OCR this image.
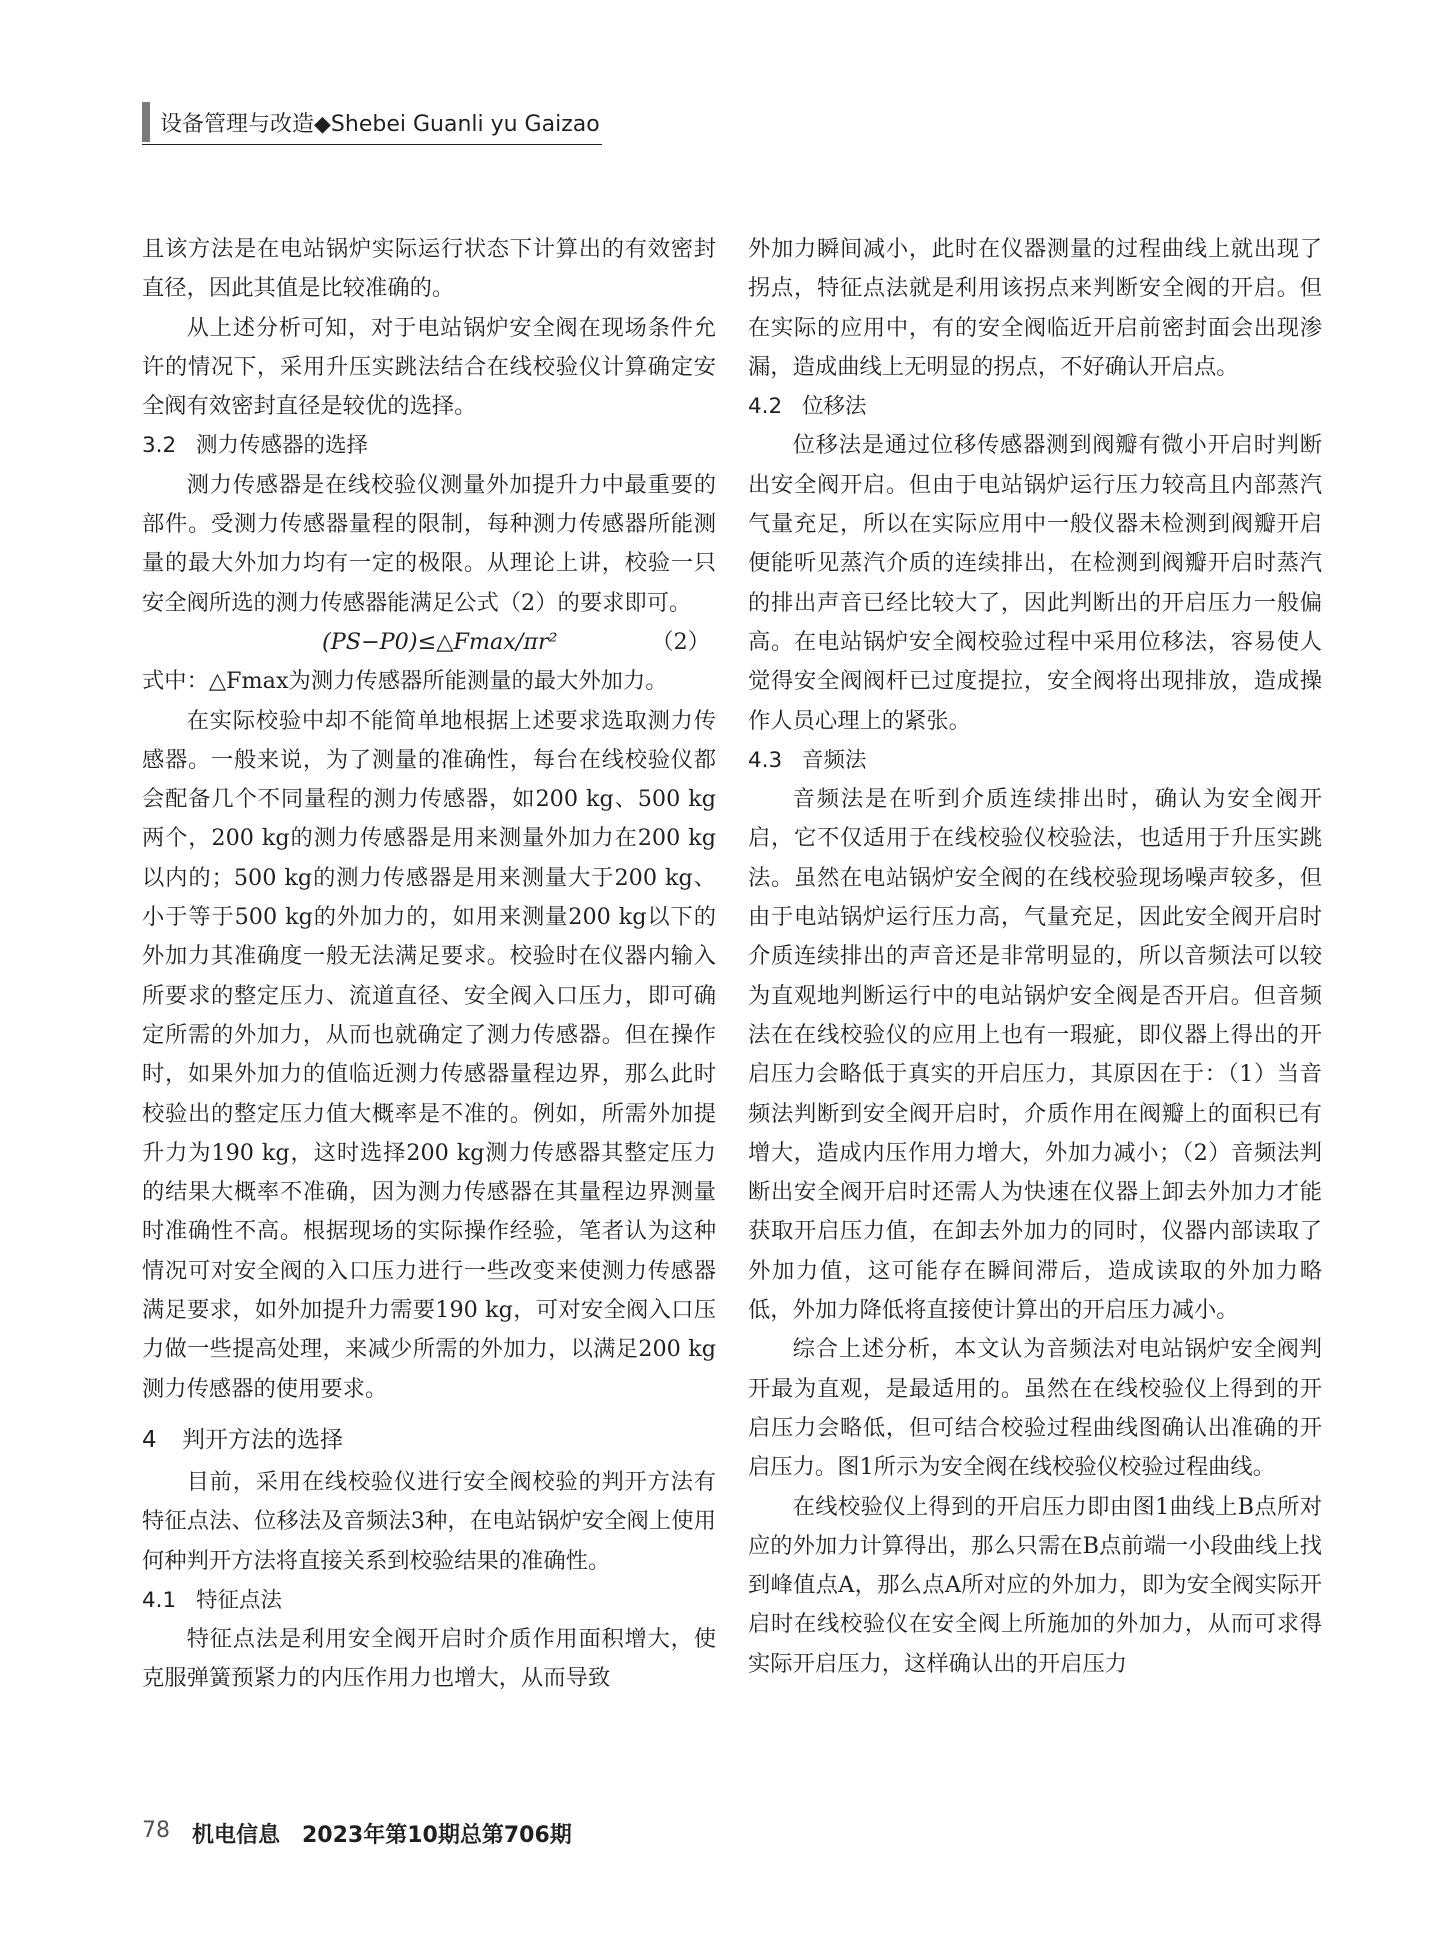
设备管理与改造◆Shebei Guanli yu Gaizao

且该方法是在电站锅炉实际运行状态下计算出的有效密封直径，因此其值是比较准确的。

从上述分析可知，对于电站锅炉安全阀在现场条件允许的情况下，采用升压实跳法结合在线校验仪计算确定安全阀有效密封直径是较优的选择。

3.2 测力传感器的选择

测力传感器是在线校验仪测量外加提升力中最重要的部件。受测力传感器量程的限制，每种测力传感器所能测量的最大外加力均有一定的极限。从理论上讲，校验一只安全阀所选的测力传感器能满足公式（2）的要求即可。

(PS−P0)≤△Fmax/πr²	（2）

式中：△Fmax为测力传感器所能测量的最大外加力。

在实际校验中却不能简单地根据上述要求选取测力传感器。一般来说，为了测量的准确性，每台在线校验仪都会配备几个不同量程的测力传感器，如200 kg、500 kg两个，200 kg的测力传感器是用来测量外加力在200 kg以内的；500 kg的测力传感器是用来测量大于200 kg、小于等于500 kg的外加力的，如用来测量200 kg以下的外加力其准确度一般无法满足要求。校验时在仪器内输入所要求的整定压力、流道直径、安全阀入口压力，即可确定所需的外加力，从而也就确定了测力传感器。但在操作时，如果外加力的值临近测力传感器量程边界，那么此时校验出的整定压力值大概率是不准的。例如，所需外加提升力为190 kg，这时选择200 kg测力传感器其整定压力的结果大概率不准确，因为测力传感器在其量程边界测量时准确性不高。根据现场的实际操作经验，笔者认为这种情况可对安全阀的入口压力进行一些改变来使测力传感器满足要求，如外加提升力需要190 kg，可对安全阀入口压力做一些提高处理，来减少所需的外加力，以满足200 kg测力传感器的使用要求。

4 判开方法的选择

目前，采用在线校验仪进行安全阀校验的判开方法有特征点法、位移法及音频法3种，在电站锅炉安全阀上使用何种判开方法将直接关系到校验结果的准确性。

4.1 特征点法

特征点法是利用安全阀开启时介质作用面积增大，使克服弹簧预紧力的内压作用力也增大，从而导致

外加力瞬间减小，此时在仪器测量的过程曲线上就出现了拐点，特征点法就是利用该拐点来判断安全阀的开启。但在实际的应用中，有的安全阀临近开启前密封面会出现渗漏，造成曲线上无明显的拐点，不好确认开启点。

4.2 位移法

位移法是通过位移传感器测到阀瓣有微小开启时判断出安全阀开启。但由于电站锅炉运行压力较高且内部蒸汽气量充足，所以在实际应用中一般仪器未检测到阀瓣开启便能听见蒸汽介质的连续排出，在检测到阀瓣开启时蒸汽的排出声音已经比较大了，因此判断出的开启压力一般偏高。在电站锅炉安全阀校验过程中采用位移法，容易使人觉得安全阀阀杆已过度提拉，安全阀将出现排放，造成操作人员心理上的紧张。

4.3 音频法

音频法是在听到介质连续排出时，确认为安全阀开启，它不仅适用于在线校验仪校验法，也适用于升压实跳法。虽然在电站锅炉安全阀的在线校验现场噪声较多，但由于电站锅炉运行压力高，气量充足，因此安全阀开启时介质连续排出的声音还是非常明显的，所以音频法可以较为直观地判断运行中的电站锅炉安全阀是否开启。但音频法在在线校验仪的应用上也有一瑕疵，即仪器上得出的开启压力会略低于真实的开启压力，其原因在于：（1）当音频法判断到安全阀开启时，介质作用在阀瓣上的面积已有增大，造成内压作用力增大，外加力减小；（2）音频法判断出安全阀开启时还需人为快速在仪器上卸去外加力才能获取开启压力值，在卸去外加力的同时，仪器内部读取了外加力值，这可能存在瞬间滞后，造成读取的外加力略低，外加力降低将直接使计算出的开启压力减小。

综合上述分析，本文认为音频法对电站锅炉安全阀判开最为直观，是最适用的。虽然在在线校验仪上得到的开启压力会略低，但可结合校验过程曲线图确认出准确的开启压力。图1所示为安全阀在线校验仪校验过程曲线。

在线校验仪上得到的开启压力即由图1曲线上B点所对应的外加力计算得出，那么只需在B点前端一小段曲线上找到峰值点A，那么点A所对应的外加力，即为安全阀实际开启时在线校验仪在安全阀上所施加的外加力，从而可求得实际开启压力，这样确认出的开启压力

78 机电信息　2023年第10期总第706期
